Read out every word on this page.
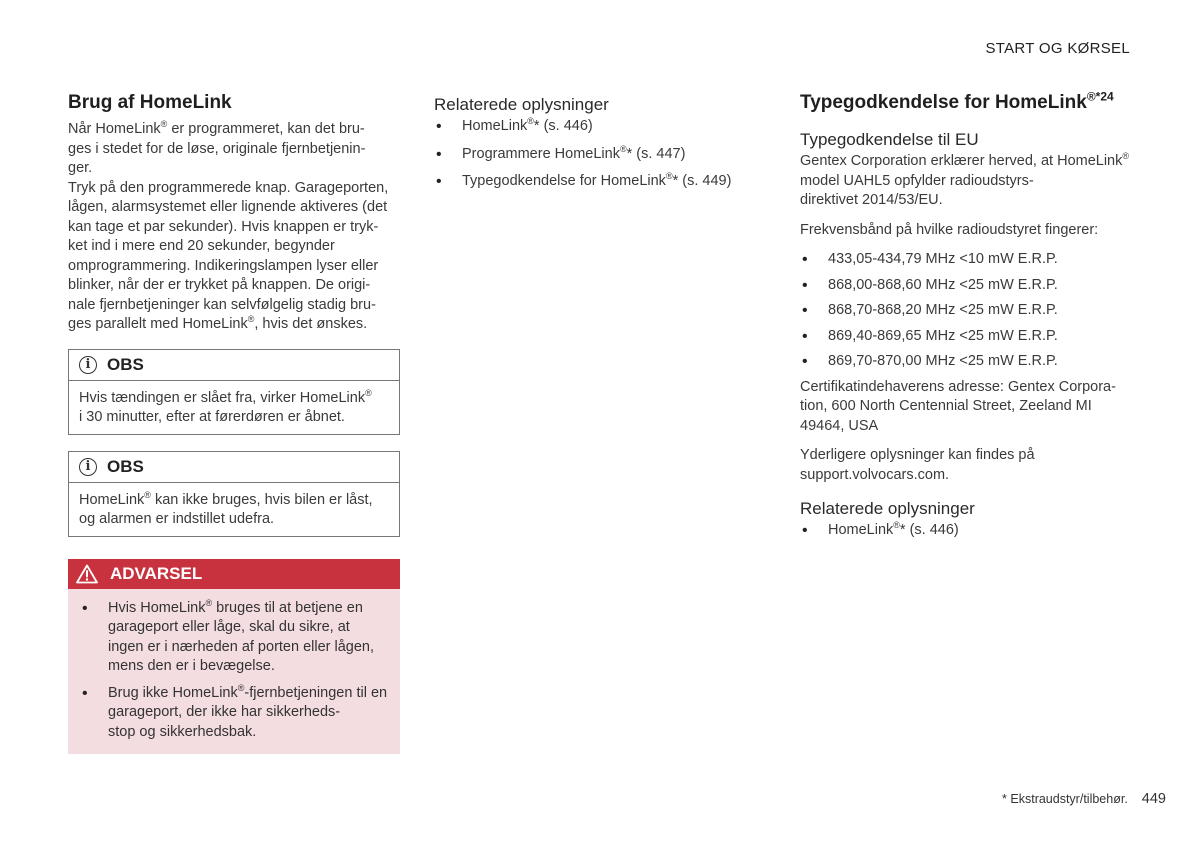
START OG KØRSEL
Brug af HomeLink

Når HomeLink® er programmeret, kan det bru-
ges i stedet for de løse, originale fjernbetjenin-
ger.

Tryk på den programmerede knap. Garageporten, lågen, alarmsystemet eller lignende aktiveres (det kan tage et par sekunder). Hvis knappen er tryk-
ket ind i mere end 20 sekunder, begynder omprogrammering. Indikeringslampen lyser eller blinker, når der er trykket på knappen. De origi-
nale fjernbetjeninger kan selvfølgelig stadig bru-
ges parallelt med HomeLink®, hvis det ønskes.

i OBS

Hvis tændingen er slået fra, virker HomeLink®
i 30 minutter, efter at førerdøren er åbnet.

i OBS

HomeLink® kan ikke bruges, hvis bilen er låst, og alarmen er indstillet udefra.

ADVARSEL
• Hvis HomeLink® bruges til at betjene en garageport eller låge, skal du sikre, at ingen er i nærheden af porten eller lågen, mens den er i bevægelse.
• Brug ikke HomeLink®-fjernbetjeningen til en garageport, der ikke har sikkerheds-
stop og sikkerhedsbak.
Relaterede oplysninger
• HomeLink®* (s. 446)
• Programmere HomeLink®* (s. 447)
• Typegodkendelse for HomeLink®* (s. 449)
Typegodkendelse for HomeLink$^{®*24}$
Typegodkendelse til EU

Gentex Corporation erklærer herved, at HomeLink® model UAHL5 opfylder radioudstyrs-
direktivet 2014/53/EU.

Frekvensbånd på hvilke radioudstyret fingerer:

• 433,05-434,79 MHz <10 mW E.R.P.
• 868,00-868,60 MHz <25 mW E.R.P.
• 868,70-868,20 MHz <25 mW E.R.P.
• 869,40-869,65 MHz <25 mW E.R.P.
• 869,70-870,00 MHz <25 mW E.R.P.

Certifikatindehaverens adresse: Gentex Corpora-
tion, 600 North Centennial Street, Zeeland MI 49464, USA

Yderligere oplysninger kan findes på support.volvocars.com.

Relaterede oplysninger
• HomeLink®* (s. 446)
* Ekstraudstyr/tilbehør. 449
